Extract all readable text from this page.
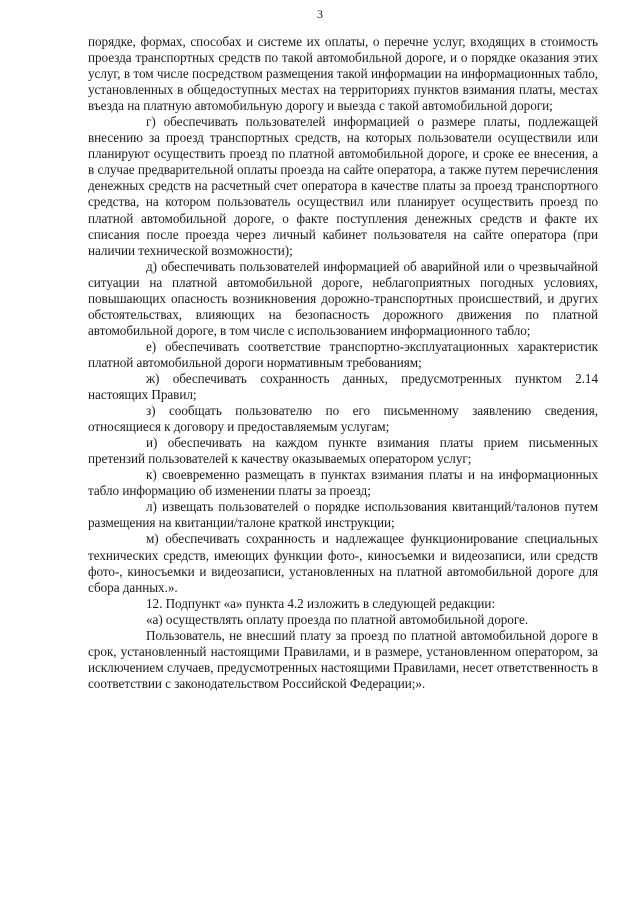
3

порядке, формах, способах и системе их оплаты, о перечне услуг, входящих в стоимость проезда транспортных средств по такой автомобильной дороге, и о порядке оказания этих услуг, в том числе посредством размещения такой информации на информационных табло, установленных в общедоступных местах на территориях пунктов взимания платы, местах въезда на платную автомобильную дорогу и выезда с такой автомобильной дороги;

г) обеспечивать пользователей информацией о размере платы, подлежащей внесению за проезд транспортных средств, на которых пользователи осуществили или планируют осуществить проезд по платной автомобильной дороге, и сроке ее внесения, а в случае предварительной оплаты проезда на сайте оператора, а также путем перечисления денежных средств на расчетный счет оператора в качестве платы за проезд транспортного средства, на котором пользователь осуществил или планирует осуществить проезд по платной автомобильной дороге, о факте поступления денежных средств и факте их списания после проезда через личный кабинет пользователя на сайте оператора (при наличии технической возможности);

д) обеспечивать пользователей информацией об аварийной или о чрезвычайной ситуации на платной автомобильной дороге, неблагоприятных погодных условиях, повышающих опасность возникновения дорожно-транспортных происшествий, и других обстоятельствах, влияющих на безопасность дорожного движения по платной автомобильной дороге, в том числе с использованием информационного табло;

е) обеспечивать соответствие транспортно-эксплуатационных характеристик платной автомобильной дороги нормативным требованиям;

ж) обеспечивать сохранность данных, предусмотренных пунктом 2.14 настоящих Правил;

з) сообщать пользователю по его письменному заявлению сведения, относящиеся к договору и предоставляемым услугам;

и) обеспечивать на каждом пункте взимания платы прием письменных претензий пользователей к качеству оказываемых оператором услуг;

к) своевременно размещать в пунктах взимания платы и на информационных табло информацию об изменении платы за проезд;

л) извещать пользователей о порядке использования квитанций/талонов путем размещения на квитанции/талоне краткой инструкции;

м) обеспечивать сохранность и надлежащее функционирование специальных технических средств, имеющих функции фото-, киносъемки и видеозаписи, или средств фото-, киносъемки и видеозаписи, установленных на платной автомобильной дороге для сбора данных.».

12. Подпункт «а» пункта 4.2 изложить в следующей редакции:

«а) осуществлять оплату проезда по платной автомобильной дороге.

Пользователь, не внесший плату за проезд по платной автомобильной дороге в срок, установленный настоящими Правилами, и в размере, установленном оператором, за исключением случаев, предусмотренных настоящими Правилами, несет ответственность в соответствии с законодательством Российской Федерации;».
